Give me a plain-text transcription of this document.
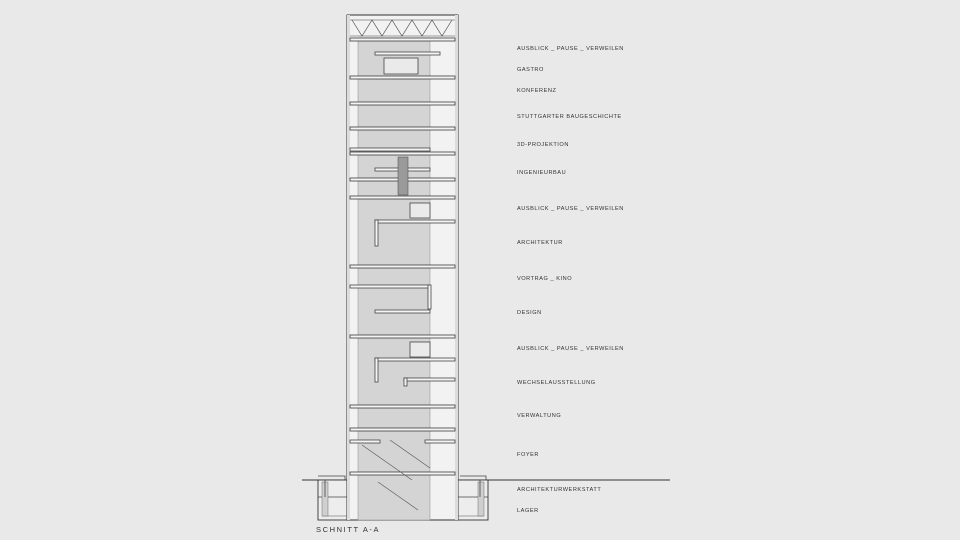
SCHNITT A-A
AUSBLICK _ PAUSE _ VERWEILEN
GASTRO
KONFERENZ
STUTTGARTER BAUGESCHICHTE
3D-PROJEKTION
INGENIEURBAU
AUSBLICK _ PAUSE _ VERWEILEN
ARCHITEKTUR
VORTRAG _ KINO
DESIGN
AUSBLICK _ PAUSE _ VERWEILEN
WECHSELAUSSTELLUNG
VERWALTUNG
FOYER
ARCHITEKTURWERKSTATT
LAGER
